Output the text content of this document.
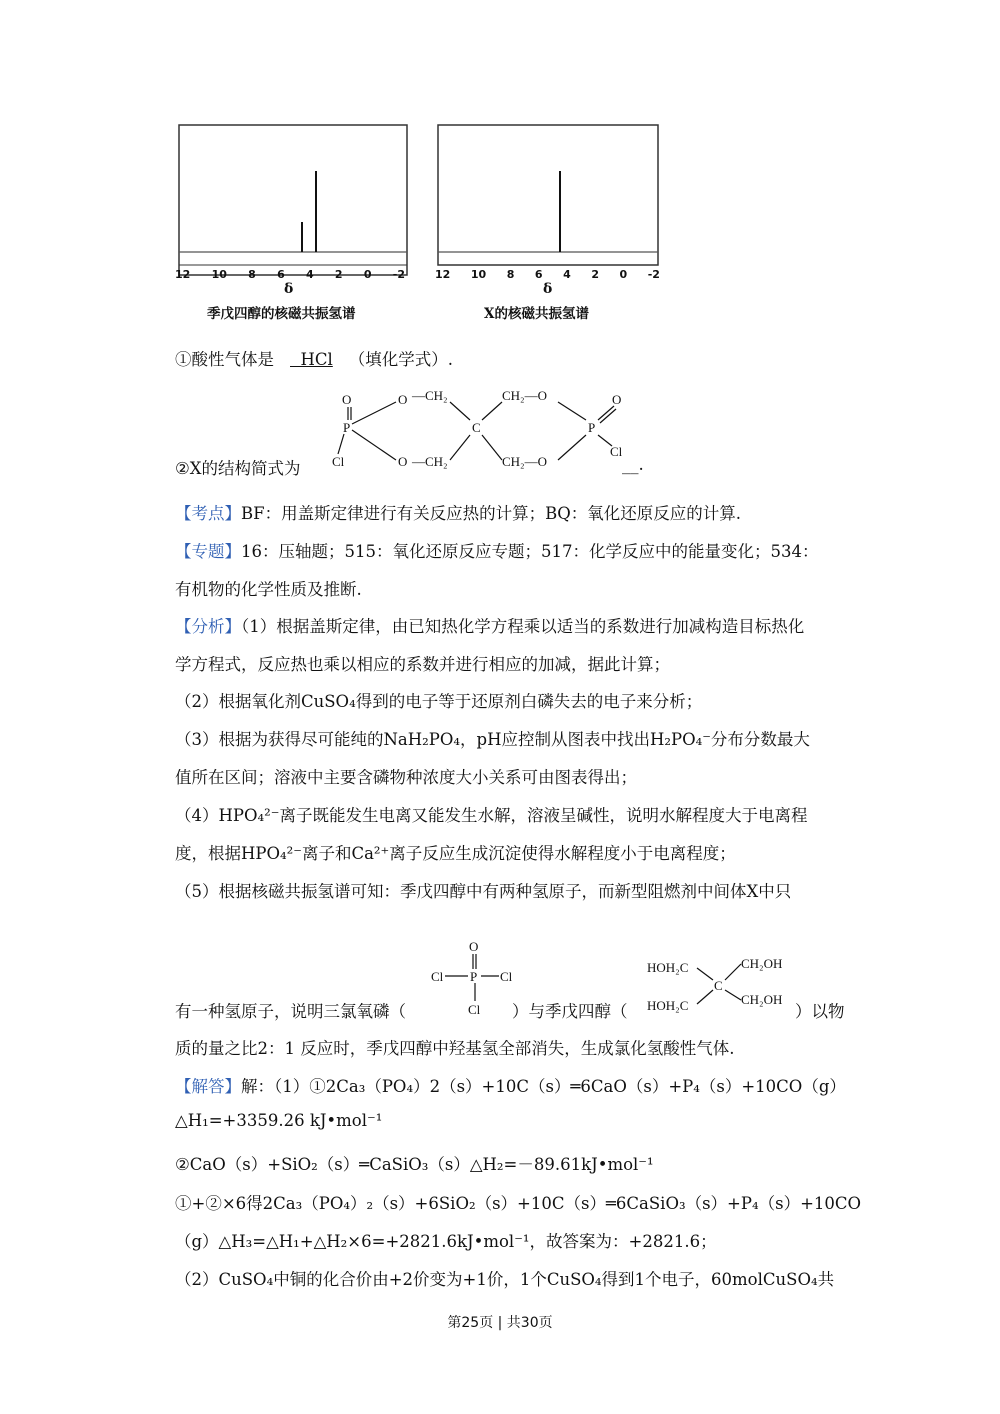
12 10 8 6 4 2 0 -2
δ
季戊四醇的核磁共振氢谱
12 10 8 6 4 2 0 -2
δ
X的核磁共振氢谱
①酸性气体是 HCl （填化学式）.
O	O —CH₂	CH₂—O	O
P	C	P
Cl	O —CH₂	CH₂—O
Cl
②X的结构简式为	__.
【考点】BF：用盖斯定律进行有关反应热的计算；BQ：氧化还原反应的计算.
【专题】16：压轴题；515：氧化还原反应专题；517：化学反应中的能量变化；534：
有机物的化学性质及推断.
【分析】（1）根据盖斯定律，由已知热化学方程乘以适当的系数进行加减构造目标热化
学方程式，反应热也乘以相应的系数并进行相应的加减，据此计算；
（2）根据氧化剂CuSO₄得到的电子等于还原剂白磷失去的电子来分析；
（3）根据为获得尽可能纯的NaH₂PO₄，pH应控制从图表中找出H₂PO₄⁻分布分数最大
值所在区间；溶液中主要含磷物种浓度大小关系可由图表得出；
（4）HPO₄²⁻离子既能发生电离又能发生水解，溶液呈碱性，说明水解程度大于电离程
度，根据HPO₄²⁻离子和Ca²⁺离子反应生成沉淀使得水解程度小于电离程度；
（5）根据核磁共振氢谱可知：季戊四醇中有两种氢原子，而新型阻燃剂中间体X中只
O
Cl P Cl
Cl
HOH₂C	CH₂OH
C
HOH₂C	CH₂OH
有一种氢原子，说明三氯氧磷（	）与季戊四醇（	）以物
质的量之比2：1 反应时，季戊四醇中羟基氢全部消失，生成氯化氢酸性气体.
【解答】解：（1）①2Ca₃（PO₄）2（s）+10C（s）═6CaO（s）+P₄（s）+10CO（g）
△H₁=+3359.26 kJ•mol⁻¹
②CaO（s）+SiO₂（s）═CaSiO₃（s）△H₂=－89.61kJ•mol⁻¹
①+②×6得2Ca₃（PO₄）₂（s）+6SiO₂（s）+10C（s）═6CaSiO₃（s）+P₄（s）+10CO
（g）△H₃=△H₁+△H₂×6=+2821.6kJ•mol⁻¹，故答案为：+2821.6；
（2）CuSO₄中铜的化合价由+2价变为+1价，1个CuSO₄得到1个电子，60molCuSO₄共
第25页 | 共30页
